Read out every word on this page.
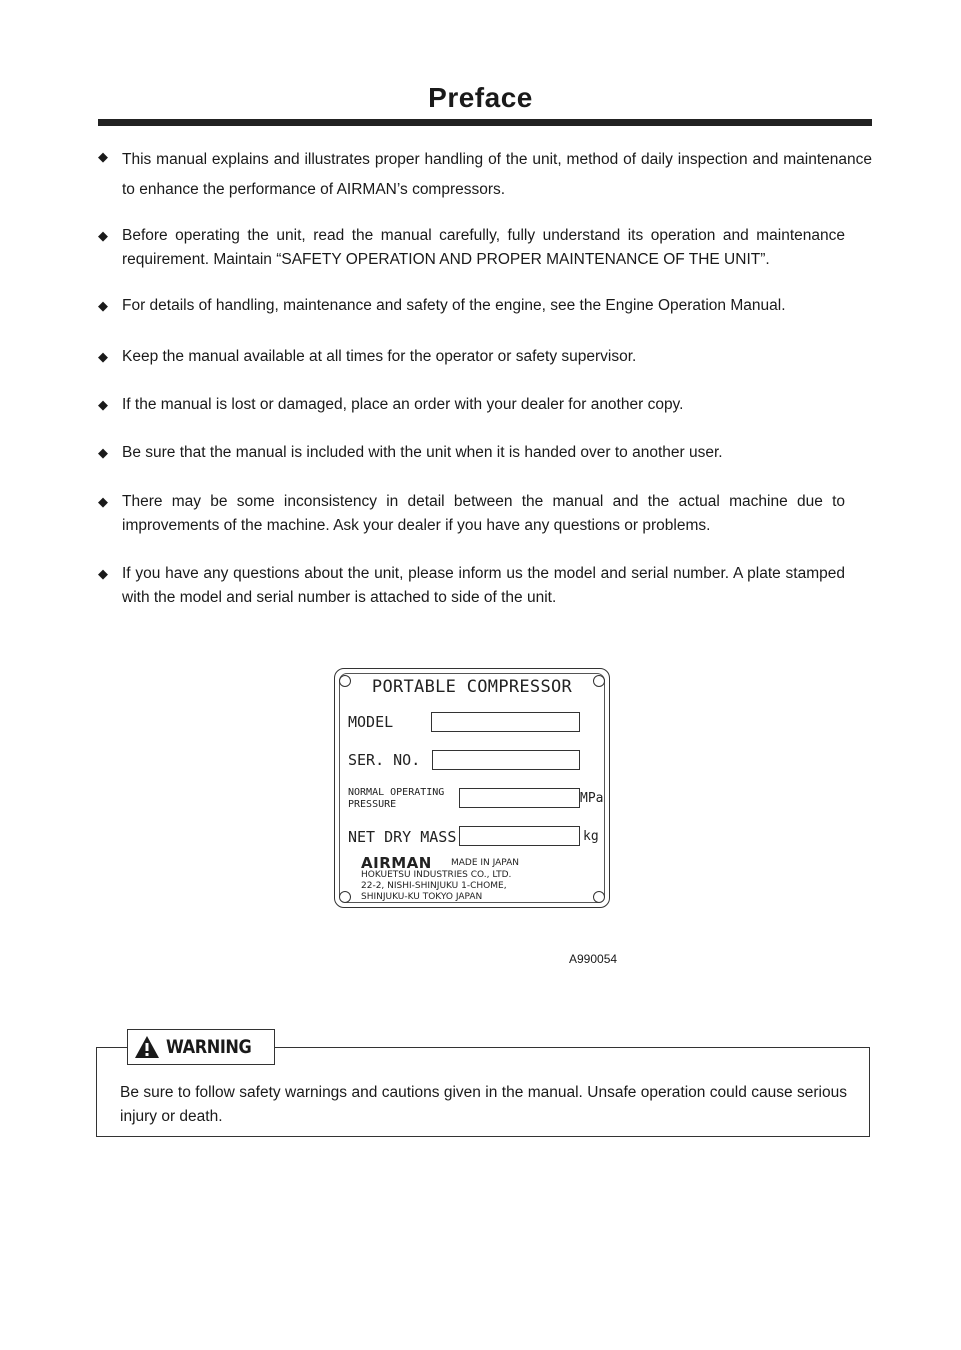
Preface
◆ This manual explains and illustrates proper handling of the unit, method of daily inspection and maintenance to enhance the performance of AIRMAN’s compressors.
◆ Before operating the unit, read the manual carefully, fully understand its operation and maintenance requirement. Maintain “SAFETY OPERATION AND PROPER MAINTENANCE OF THE UNIT”.
◆ For details of handling, maintenance and safety of the engine, see the Engine Operation Manual.
◆ Keep the manual available at all times for the operator or safety supervisor.
◆ If the manual is lost or damaged, place an order with your dealer for another copy.
◆ Be sure that the manual is included with the unit when it is handed over to another user.
◆ There may be some inconsistency in detail between the manual and the actual machine due to improvements of the machine. Ask your dealer if you have any questions or problems.
◆ If you have any questions about the unit, please inform us the model and serial number. A plate stamped with the model and serial number is attached to side of the unit.
PORTABLE COMPRESSOR
MODEL
SER. NO.
NORMAL OPERATING
PRESSURE	MPa
NET DRY MASS	kg
AIRMAN MADE IN JAPAN
HOKUETSU INDUSTRIES CO., LTD.
22-2, NISHI-SHINJUKU 1-CHOME,
SHINJUKU-KU TOKYO JAPAN
A990054
WARNING
Be sure to follow safety warnings and cautions given in the manual. Unsafe operation could cause serious injury or death.
